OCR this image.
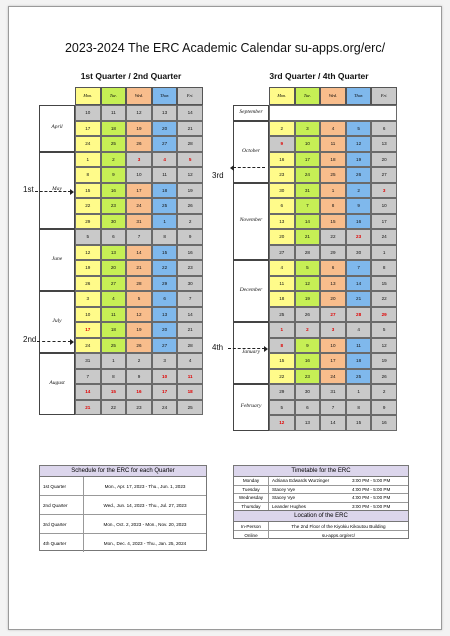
2023-2024 The ERC Academic Calendar su-apps.org/erc/
1st Quarter / 2nd Quarter	3rd Quarter / 4th Quarter
Mon.	Tue.	Wed.	Thur.	Fri.
April
10	11	12	13	14
17	18	19	20	21
24	25	26	27	28
May
1	2	3	4	5
8	9	10	11	12
15	16	17	18	19
22	23	24	25	26
29	30	31	1	2
June
5	6	7	8	9
12	13	14	15	16
19	20	21	22	23
26	27	28	29	30
July
3	4	5	6	7
10	11	12	13	14
17	18	19	20	21
24	25	26	27	28
August
31	1	2	3	4
7	8	9	10	11
14	15	16	17	18
21	22	23	24	25
Mon.	Tue.	Wed.	Thur.	Fri.
September
October
2	3	4	5	6
9	10	11	12	13
16	17	18	19	20
23	24	25	26	27
November
30	31	1	2	3
6	7	8	9	10
13	14	15	16	17
20	21	22	23	24
27	28	29	30	1
December
4	5	6	7	8
11	12	13	14	15
18	19	20	21	22
25	26	27	28	29
January
1	2	3	4	5
8	9	10	11	12
15	16	17	18	19
22	23	24	25	26
February
29	30	31	1	2
5	6	7	8	9
12	13	14	15	16
1st
2nd
3rd
4th
Schedule for the ERC for each Quarter
1st Quarter	Mon., Apr. 17, 2023 - Thu., Jun. 1, 2023
2nd Quarter	Wed., Jun. 14, 2023 - Thu., Jul. 27, 2023
3rd Quarter	Mon., Oct. 2, 2023 - Mon., Nov. 20, 2023
4th Quarter	Mon., Dec. 4, 2023 - Thu., Jan. 25, 2024
Timetable for the ERC
Monday	Adriana Edwards Wurzinger	3:00 PM - 5:00 PM
Tuesday	Stacey Vye	4:00 PM - 5:00 PM
Wednesday	Stacey Vye	4:00 PM - 5:00 PM
Thursday	Leander Hughes	3:00 PM - 5:00 PM
Location of the ERC
In-Person	The 2nd Floor of the Kiyokiu Kikoutou Building
Online	su-apps.org/erc/
